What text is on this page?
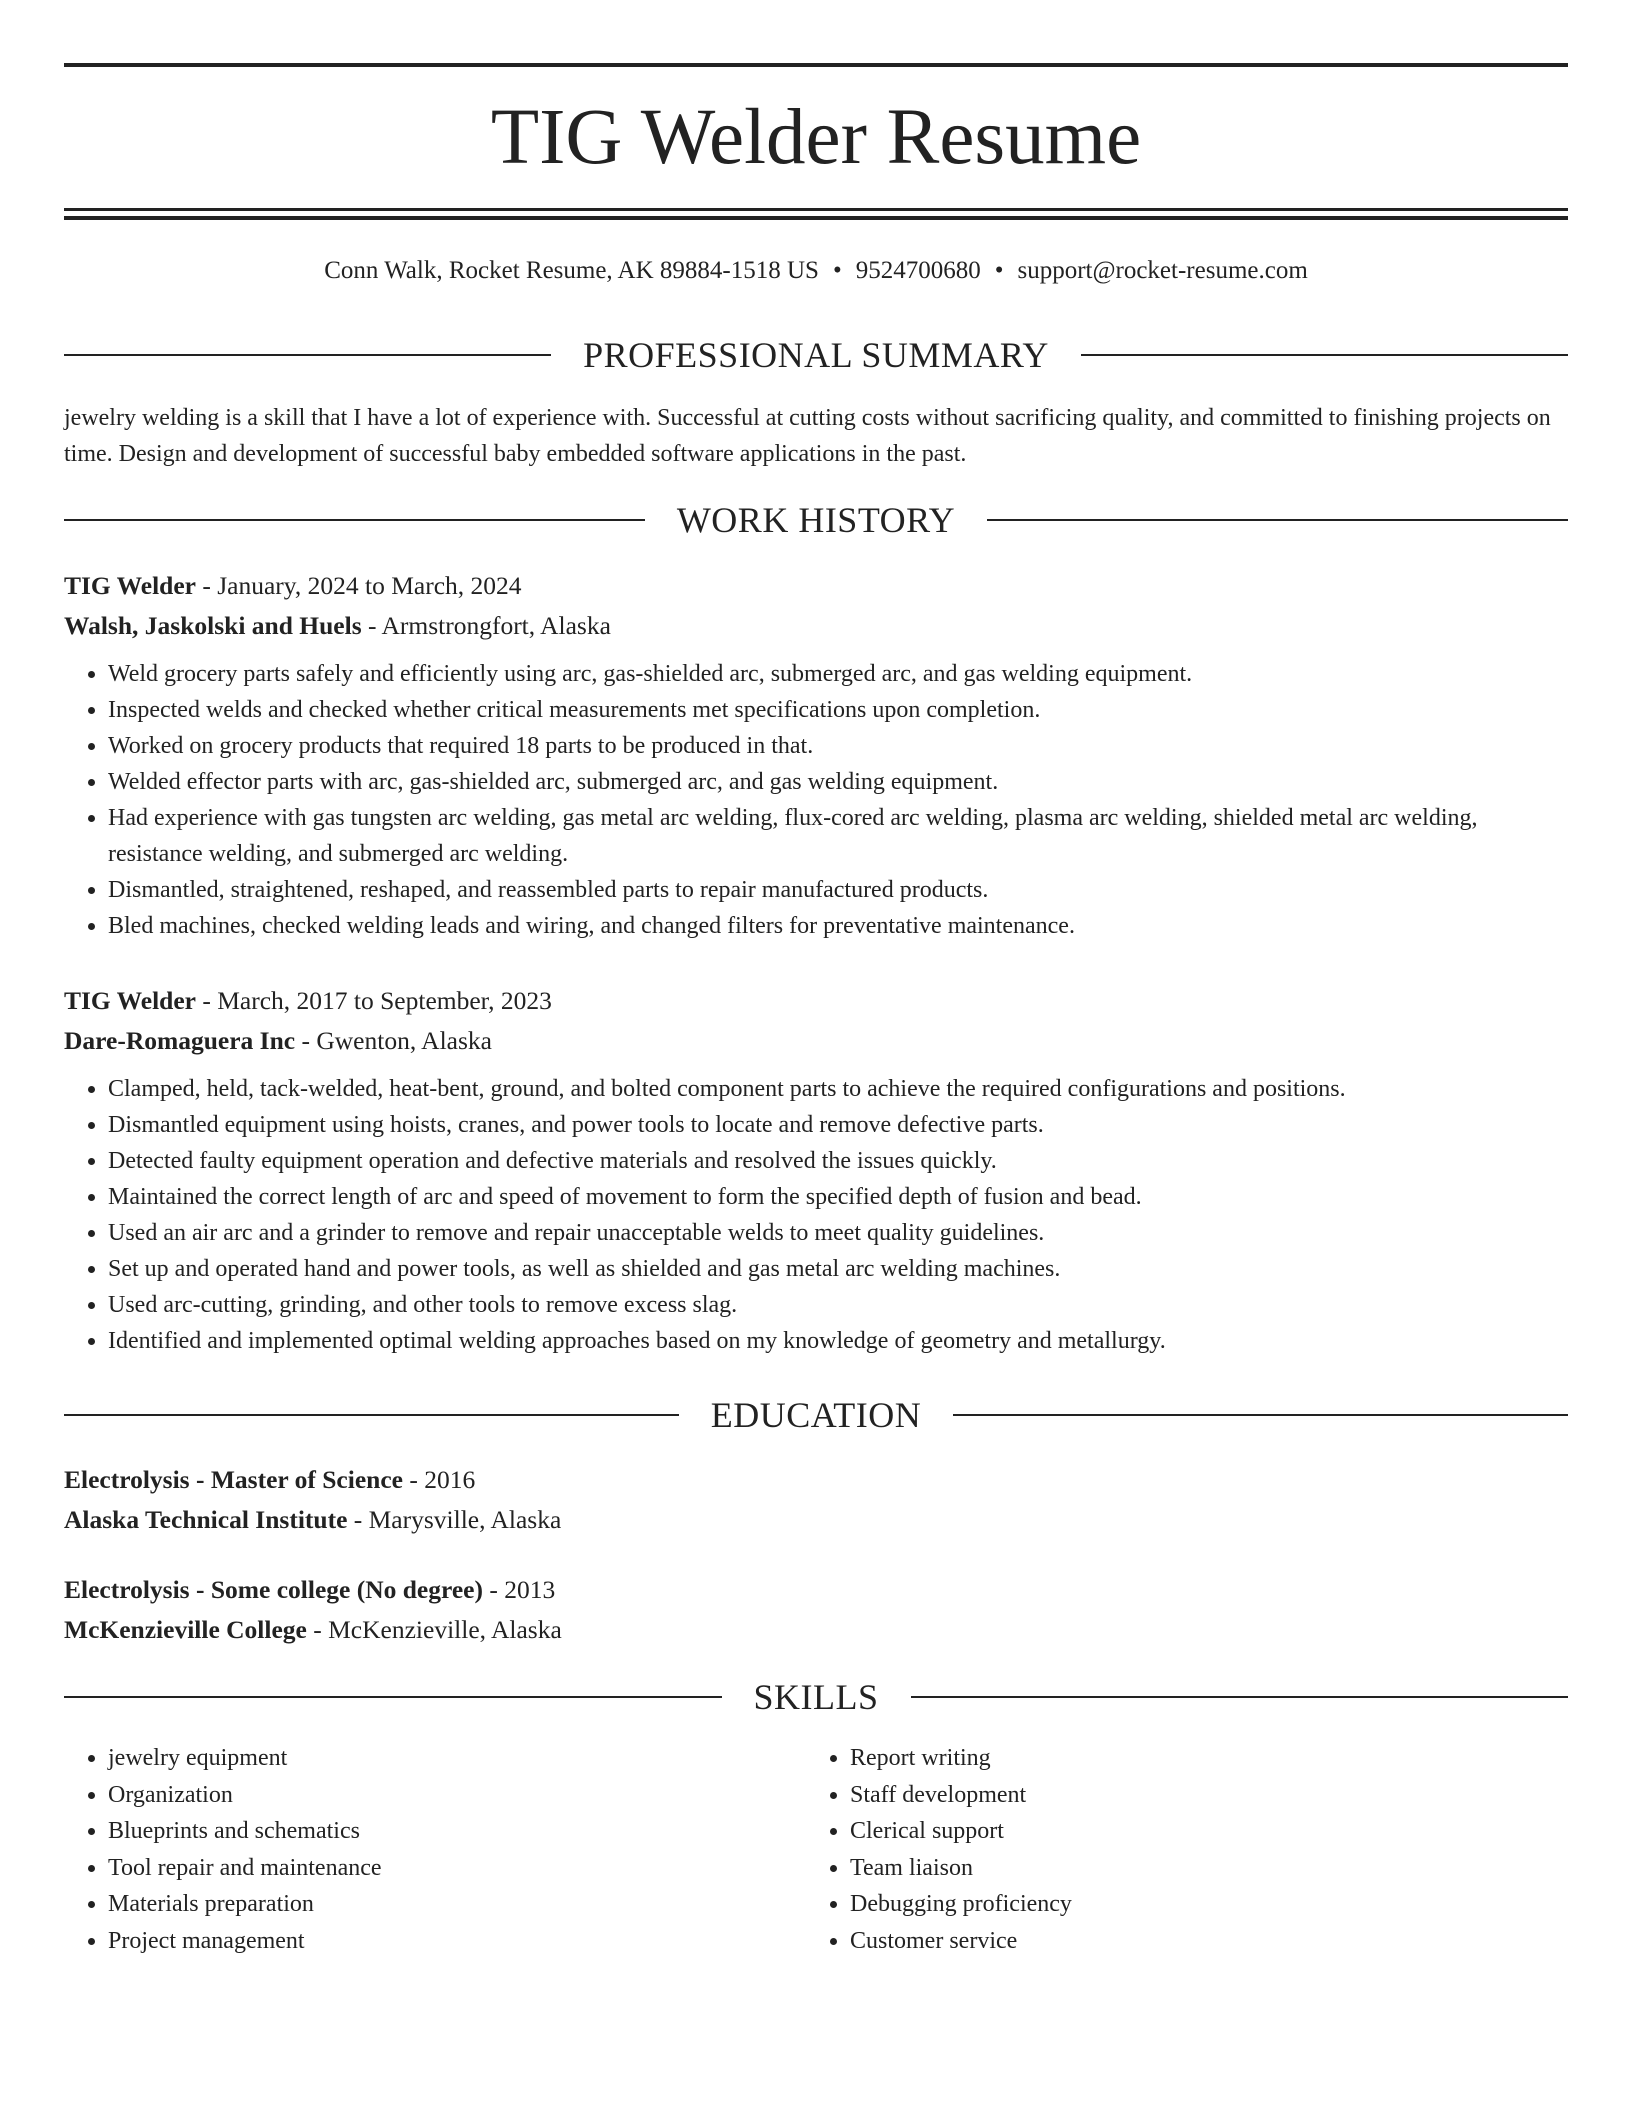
TIG Welder Resume
Conn Walk, Rocket Resume, AK 89884-1518 US • 9524700680 • support@rocket-resume.com
PROFESSIONAL SUMMARY

jewelry welding is a skill that I have a lot of experience with. Successful at cutting costs without sacrificing quality, and committed to finishing projects on time. Design and development of successful baby embedded software applications in the past.

WORK HISTORY
TIG Welder - January, 2024 to March, 2024
Walsh, Jaskolski and Huels - Armstrongfort, Alaska
• Weld grocery parts safely and efficiently using arc, gas-shielded arc, submerged arc, and gas welding equipment.
• Inspected welds and checked whether critical measurements met specifications upon completion.
• Worked on grocery products that required 18 parts to be produced in that.
• Welded effector parts with arc, gas-shielded arc, submerged arc, and gas welding equipment.
• Had experience with gas tungsten arc welding, gas metal arc welding, flux-cored arc welding, plasma arc welding, shielded metal arc welding, resistance welding, and submerged arc welding.
• Dismantled, straightened, reshaped, and reassembled parts to repair manufactured products.
• Bled machines, checked welding leads and wiring, and changed filters for preventative maintenance.
TIG Welder - March, 2017 to September, 2023
Dare-Romaguera Inc - Gwenton, Alaska
• Clamped, held, tack-welded, heat-bent, ground, and bolted component parts to achieve the required configurations and positions.
• Dismantled equipment using hoists, cranes, and power tools to locate and remove defective parts.
• Detected faulty equipment operation and defective materials and resolved the issues quickly.
• Maintained the correct length of arc and speed of movement to form the specified depth of fusion and bead.
• Used an air arc and a grinder to remove and repair unacceptable welds to meet quality guidelines.
• Set up and operated hand and power tools, as well as shielded and gas metal arc welding machines.
• Used arc-cutting, grinding, and other tools to remove excess slag.
• Identified and implemented optimal welding approaches based on my knowledge of geometry and metallurgy.
EDUCATION
Electrolysis - Master of Science - 2016
Alaska Technical Institute - Marysville, Alaska
Electrolysis - Some college (No degree) - 2013
McKenzieville College - McKenzieville, Alaska
SKILLS
• jewelry equipment
• Organization
• Blueprints and schematics
• Tool repair and maintenance
• Materials preparation
• Project management
• Report writing
• Staff development
• Clerical support
• Team liaison
• Debugging proficiency
• Customer service
